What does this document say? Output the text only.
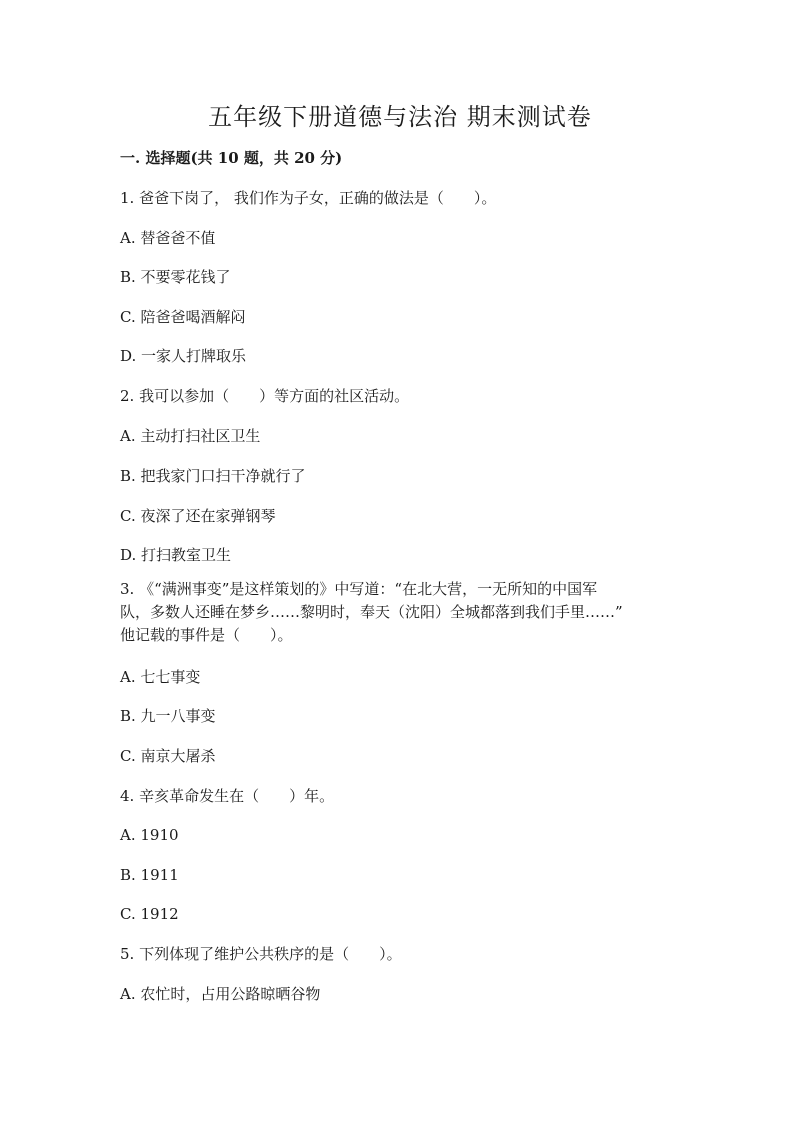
五年级下册道德与法治 期末测试卷

一. 选择题(共 10 题，共 20 分)

1. 爸爸下岗了， 我们作为子女，正确的做法是（　　）。

A. 替爸爸不值

B. 不要零花钱了

C. 陪爸爸喝酒解闷

D. 一家人打牌取乐

2. 我可以参加（　　）等方面的社区活动。

A. 主动打扫社区卫生

B. 把我家门口扫干净就行了

C. 夜深了还在家弹钢琴

D. 打扫教室卫生

3. 《“满洲事变”是这样策划的》中写道：“在北大营，一无所知的中国军
队，多数人还睡在梦乡……黎明时，奉天（沈阳）全城都落到我们手里……”
他记载的事件是（　　）。

A. 七七事变

B. 九一八事变

C. 南京大屠杀

4. 辛亥革命发生在（　　）年。

A. 1910

B. 1911

C. 1912

5. 下列体现了维护公共秩序的是（　　）。

A. 农忙时，占用公路晾晒谷物
